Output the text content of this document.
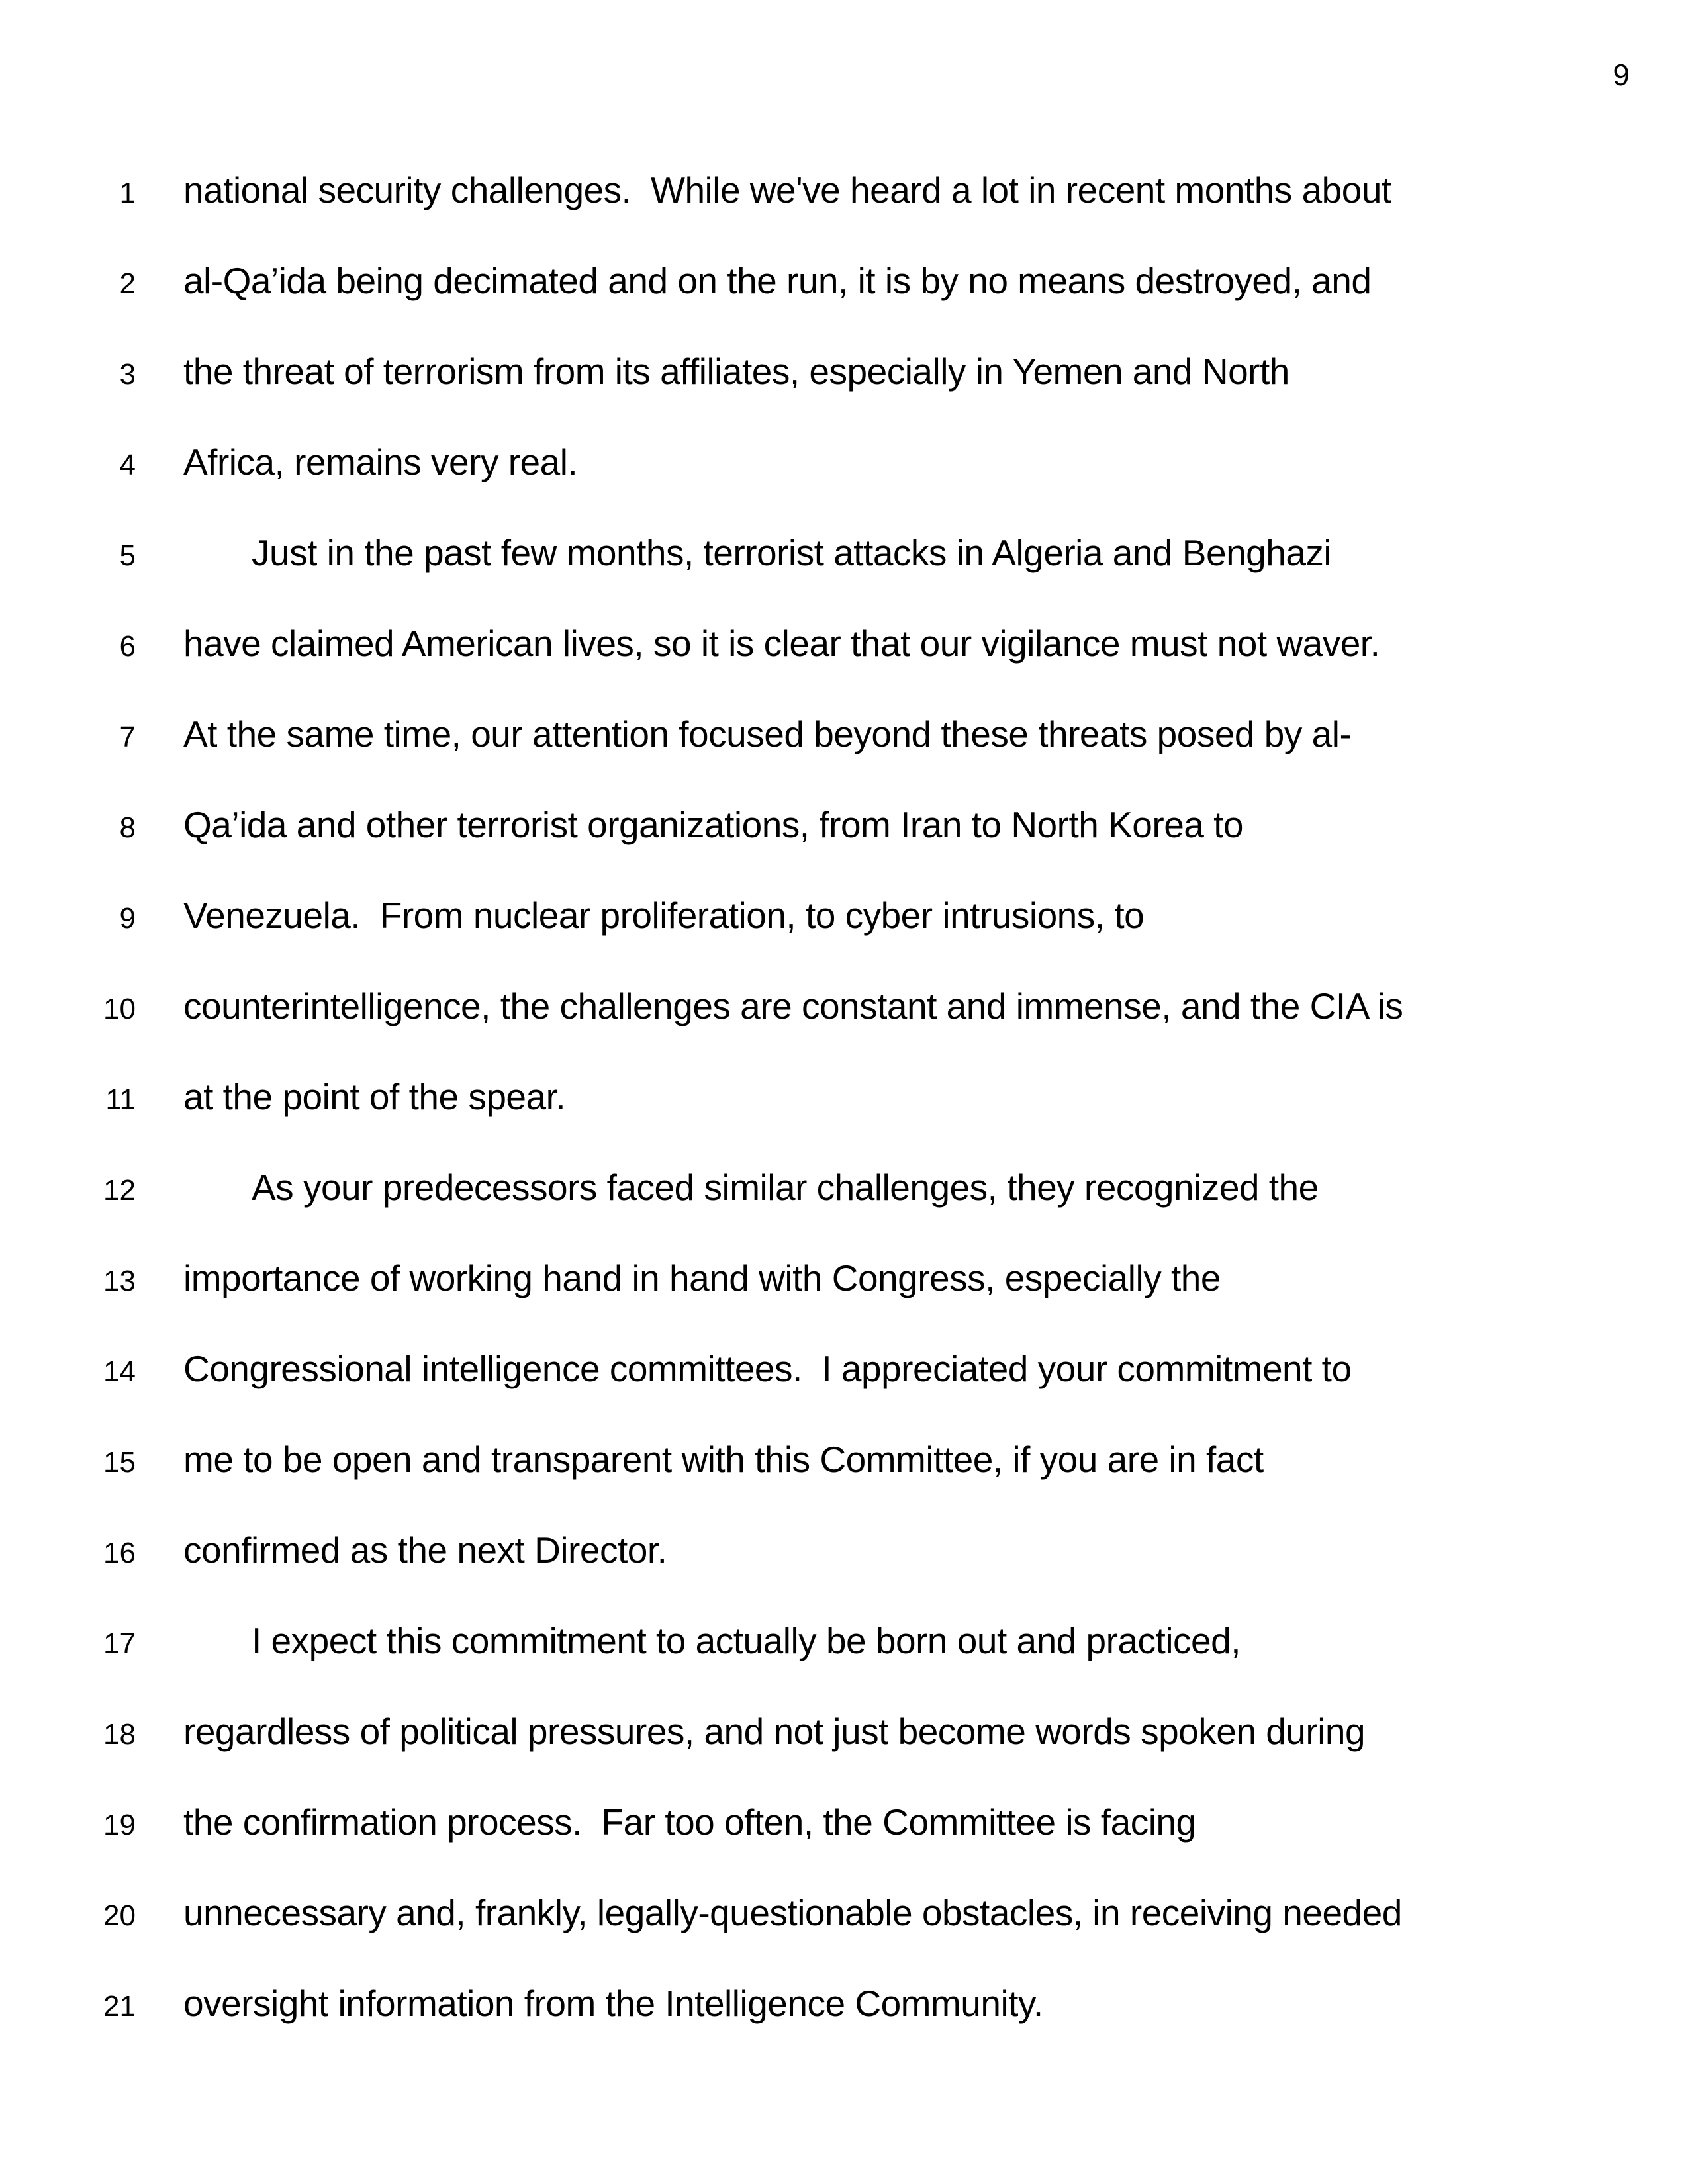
9
1 national security challenges.  While we've heard a lot in recent months about
2 al-Qa’ida being decimated and on the run, it is by no means destroyed, and
3 the threat of terrorism from its affiliates, especially in Yemen and North
4 Africa, remains very real.
5	Just in the past few months, terrorist attacks in Algeria and Benghazi
6 have claimed American lives, so it is clear that our vigilance must not waver.
7 At the same time, our attention focused beyond these threats posed by al-
8 Qa’ida and other terrorist organizations, from Iran to North Korea to
9 Venezuela.  From nuclear proliferation, to cyber intrusions, to
10 counterintelligence, the challenges are constant and immense, and the CIA is
11 at the point of the spear.
12	As your predecessors faced similar challenges, they recognized the
13 importance of working hand in hand with Congress, especially the
14 Congressional intelligence committees.  I appreciated your commitment to
15 me to be open and transparent with this Committee, if you are in fact
16 confirmed as the next Director.
17	I expect this commitment to actually be born out and practiced,
18 regardless of political pressures, and not just become words spoken during
19 the confirmation process.  Far too often, the Committee is facing
20 unnecessary and, frankly, legally-questionable obstacles, in receiving needed
21 oversight information from the Intelligence Community.
